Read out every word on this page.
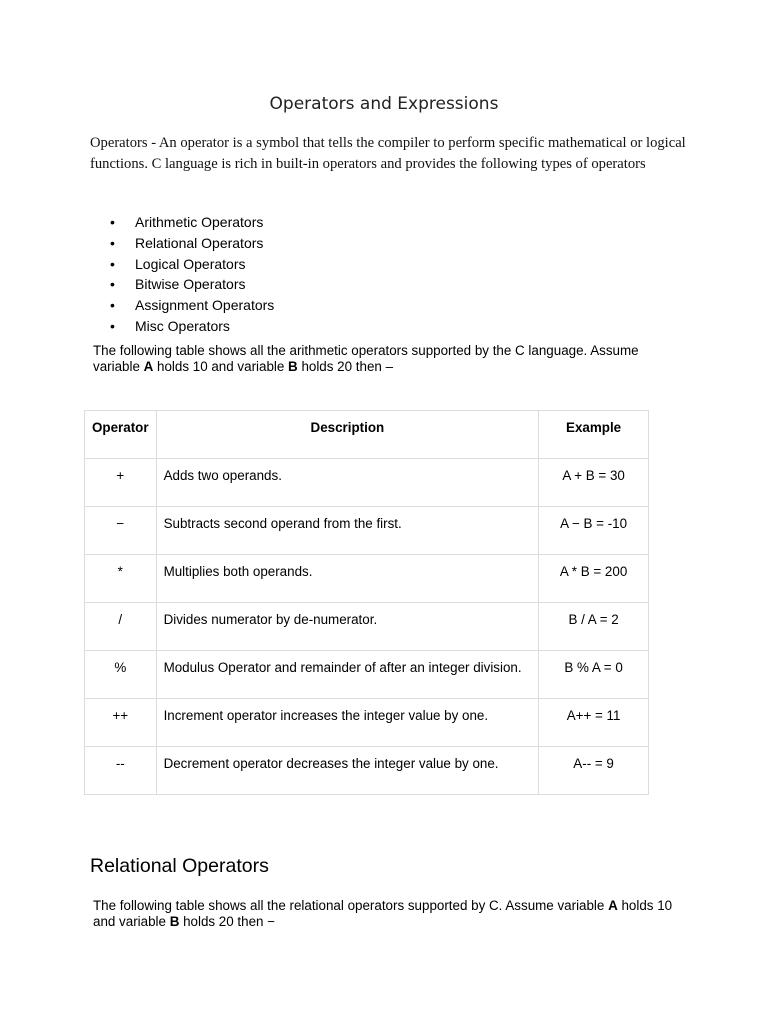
Operators and Expressions
Operators - An operator is a symbol that tells the compiler to perform specific mathematical or logical functions. C language is rich in built-in operators and provides the following types of operators
• Arithmetic Operators
• Relational Operators
• Logical Operators
• Bitwise Operators
• Assignment Operators
• Misc Operators
The following table shows all the arithmetic operators supported by the C language. Assume variable A holds 10 and variable B holds 20 then –
Operator	Description	Example
+	Adds two operands.	A + B = 30
−	Subtracts second operand from the first.	A − B = -10
*	Multiplies both operands.	A * B = 200
/	Divides numerator by de-numerator.	B / A = 2
%	Modulus Operator and remainder of after an integer division.	B % A = 0
++	Increment operator increases the integer value by one.	A++ = 11
--	Decrement operator decreases the integer value by one.	A-- = 9
Relational Operators
The following table shows all the relational operators supported by C. Assume variable A holds 10 and variable B holds 20 then −
